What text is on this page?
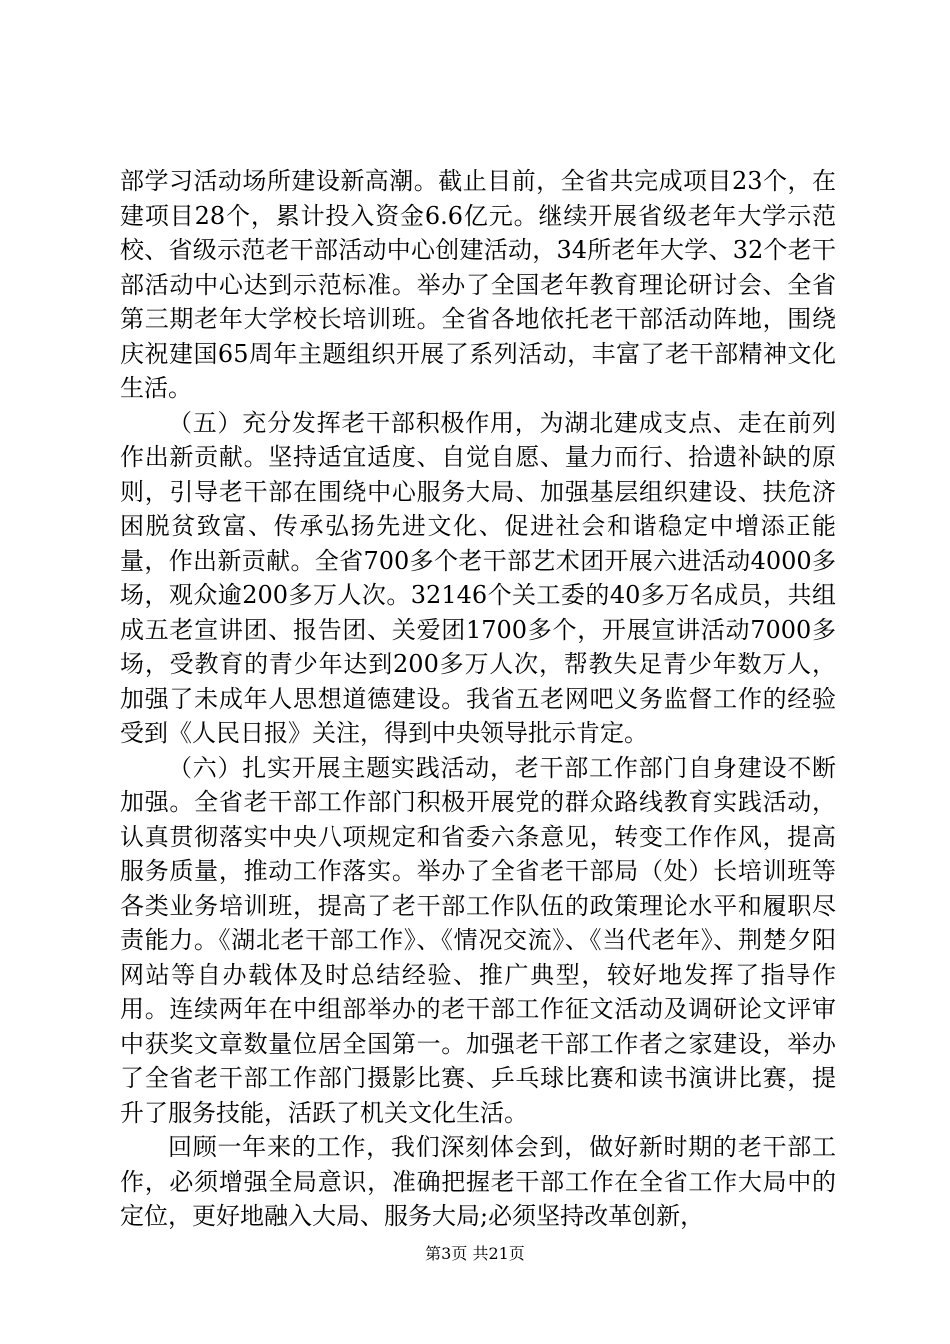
部学习活动场所建设新高潮。截止目前，全省共完成项目23个，在建项目28个，累计投入资金6.6亿元。继续开展省级老年大学示范校、省级示范老干部活动中心创建活动，34所老年大学、32个老干部活动中心达到示范标准。举办了全国老年教育理论研讨会、全省第三期老年大学校长培训班。全省各地依托老干部活动阵地，围绕庆祝建国65周年主题组织开展了系列活动，丰富了老干部精神文化生活。

（五）充分发挥老干部积极作用，为湖北建成支点、走在前列作出新贡献。坚持适宜适度、自觉自愿、量力而行、拾遗补缺的原则，引导老干部在围绕中心服务大局、加强基层组织建设、扶危济困脱贫致富、传承弘扬先进文化、促进社会和谐稳定中增添正能量，作出新贡献。全省700多个老干部艺术团开展六进活动4000多场，观众逾200多万人次。32146个关工委的40多万名成员，共组成五老宣讲团、报告团、关爱团1700多个，开展宣讲活动7000多场，受教育的青少年达到200多万人次，帮教失足青少年数万人，加强了未成年人思想道德建设。我省五老网吧义务监督工作的经验受到《人民日报》关注，得到中央领导批示肯定。

（六）扎实开展主题实践活动，老干部工作部门自身建设不断加强。全省老干部工作部门积极开展党的群众路线教育实践活动，认真贯彻落实中央八项规定和省委六条意见，转变工作作风，提高服务质量，推动工作落实。举办了全省老干部局（处）长培训班等各类业务培训班，提高了老干部工作队伍的政策理论水平和履职尽责能力。《湖北老干部工作》、《情况交流》、《当代老年》、荆楚夕阳网站等自办载体及时总结经验、推广典型，较好地发挥了指导作用。连续两年在中组部举办的老干部工作征文活动及调研论文评审中获奖文章数量位居全国第一。加强老干部工作者之家建设，举办了全省老干部工作部门摄影比赛、乒乓球比赛和读书演讲比赛，提升了服务技能，活跃了机关文化生活。

回顾一年来的工作，我们深刻体会到，做好新时期的老干部工作，必须增强全局意识，准确把握老干部工作在全省工作大局中的定位，更好地融入大局、服务大局;必须坚持改革创新，

第3页 共21页
